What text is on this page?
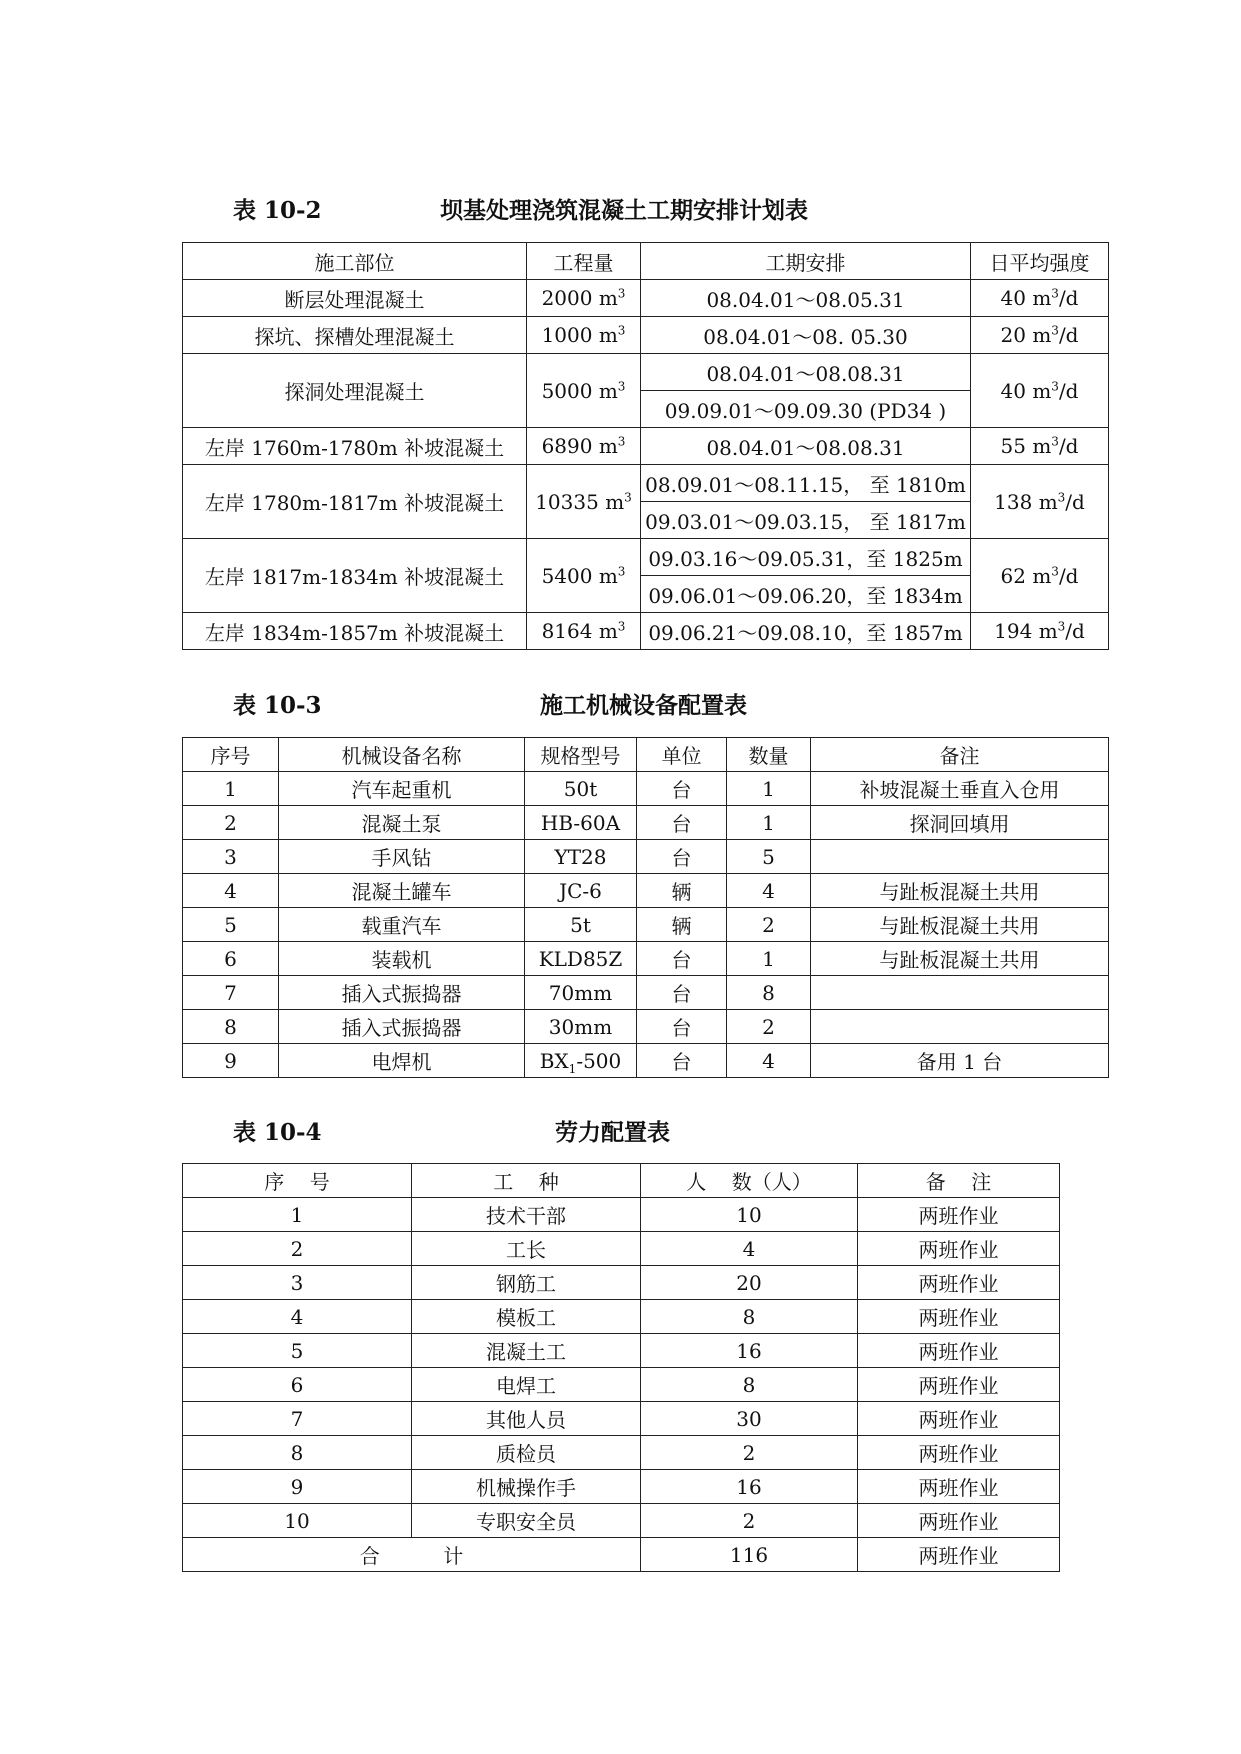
表 10-2	坝基处理浇筑混凝土工期安排计划表
施工部位	工程量	工期安排	日平均强度
断层处理混凝土	2000 $m^3$	08.04.01～08.05.31	40 $m^3/d$
探坑、探槽处理混凝土	1000 $m^3$	08.04.01～08. 05.30	20 $m^3/d$
探洞处理混凝土	5000 $m^3$	08.04.01～08.08.31	40 $m^3/d$
		09.09.01～09.09.30 (PD34 )	
左岸 1760m-1780m 补坡混凝土	6890 $m^3$	08.04.01～08.08.31	55 $m^3/d$
左岸 1780m-1817m 补坡混凝土	10335 $m^3$	08.09.01～08.11.15， 至 1810m	138 $m^3/d$
		09.03.01～09.03.15， 至 1817m	
左岸 1817m-1834m 补坡混凝土	5400 $m^3$	09.03.16～09.05.31，至 1825m	62 $m^3/d$
		09.06.01～09.06.20，至 1834m	
左岸 1834m-1857m 补坡混凝土	8164 $m^3$	09.06.21～09.08.10，至 1857m	194 $m^3/d$
表 10-3	施工机械设备配置表
序号	机械设备名称	规格型号	单位	数量	备注
1	汽车起重机	50t	台	1	补坡混凝土垂直入仓用
2	混凝土泵	HB-60A	台	1	探洞回填用
3	手风钻	YT28	台	5	
4	混凝土罐车	JC-6	辆	4	与趾板混凝土共用
5	载重汽车	5t	辆	2	与趾板混凝土共用
6	装载机	KLD85Z	台	1	与趾板混凝土共用
7	插入式振捣器	70mm	台	8	
8	插入式振捣器	30mm	台	2	
9	电焊机	$BX_1-500$	台	4	备用 1 台
表 10-4	劳力配置表
序    号	工    种	人    数（人）	备    注
1	技术干部	10	两班作业
2	工长	4	两班作业
3	钢筋工	20	两班作业
4	模板工	8	两班作业
5	混凝土工	16	两班作业
6	电焊工	8	两班作业
7	其他人员	30	两班作业
8	质检员	2	两班作业
9	机械操作手	16	两班作业
10	专职安全员	2	两班作业
合          计		116	两班作业
